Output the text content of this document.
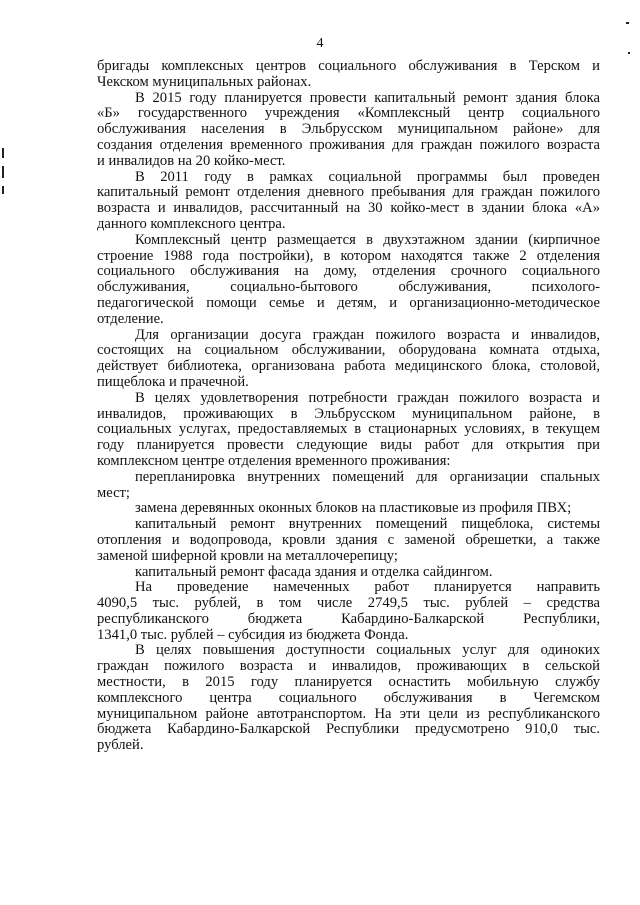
4
бригады комплексных центров социального обслуживания в Терском и
Чекском муниципальных районах.
В 2015 году планируется провести капитальный ремонт здания блока
«Б» государственного учреждения «Комплексный центр социального
обслуживания населения в Эльбрусском муниципальном районе» для
создания отделения временного проживания для граждан пожилого возраста
и инвалидов на 20 койко-мест.
В 2011 году в рамках социальной программы был проведен
капитальный ремонт отделения дневного пребывания для граждан пожилого
возраста и инвалидов, рассчитанный на 30 койко-мест в здании блока «А»
данного комплексного центра.
Комплексный центр размещается в двухэтажном здании (кирпичное
строение 1988 года постройки), в котором находятся также 2 отделения
социального обслуживания на дому, отделения срочного социального
обслуживания, социально-бытового обслуживания, психолого-
педагогической помощи семье и детям, и организационно-методическое
отделение.
Для организации досуга граждан пожилого возраста и инвалидов,
состоящих на социальном обслуживании, оборудована комната отдыха,
действует библиотека, организована работа медицинского блока, столовой,
пищеблока и прачечной.
В целях удовлетворения потребности граждан пожилого возраста и
инвалидов, проживающих в Эльбрусском муниципальном районе, в
социальных услугах, предоставляемых в стационарных условиях, в текущем
году планируется провести следующие виды работ для открытия при
комплексном центре отделения временного проживания:
перепланировка внутренних помещений для организации спальных
мест;
замена деревянных оконных блоков на пластиковые из профиля ПВХ;
капитальный ремонт внутренних помещений пищеблока, системы
отопления и водопровода, кровли здания с заменой обрешетки, а также
заменой шиферной кровли на металлочерепицу;
капитальный ремонт фасада здания и отделка сайдингом.
На проведение намеченных работ планируется направить
4090,5 тыс. рублей, в том числе 2749,5 тыс. рублей – средства
республиканского бюджета Кабардино-Балкарской Республики,
1341,0 тыс. рублей – субсидия из бюджета Фонда.
В целях повышения доступности социальных услуг для одиноких
граждан пожилого возраста и инвалидов, проживающих в сельской
местности, в 2015 году планируется оснастить мобильную службу
комплексного центра социального обслуживания в Чегемском
муниципальном районе автотранспортом. На эти цели из республиканского
бюджета Кабардино-Балкарской Республики предусмотрено 910,0 тыс.
рублей.
